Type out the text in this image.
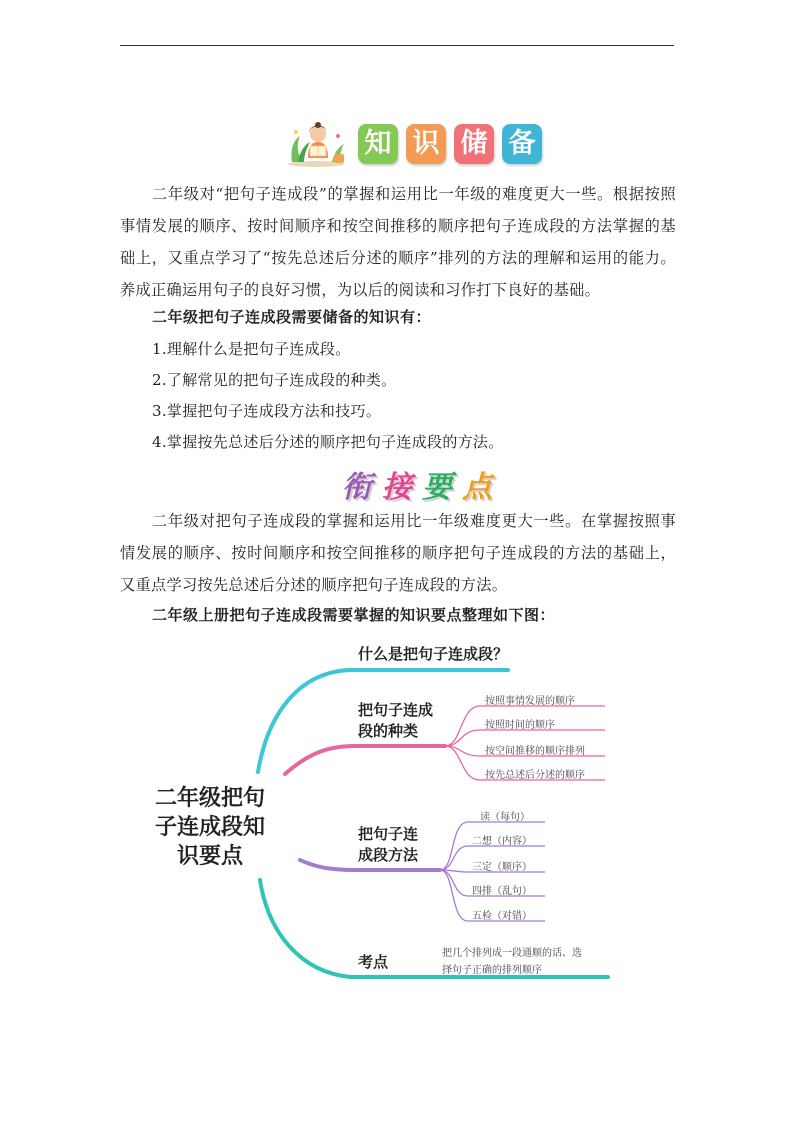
知 识 储 备

二年级对“把句子连成段”的掌握和运用比一年级的难度更大一些。根据按照事情发展的顺序、按时间顺序和按空间推移的顺序把句子连成段的方法掌握的基础上，又重点学习了“按先总述后分述的顺序”排列的方法的理解和运用的能力。养成正确运用句子的良好习惯，为以后的阅读和习作打下良好的基础。

二年级把句子连成段需要储备的知识有：
1.理解什么是把句子连成段。
2.了解常见的把句子连成段的种类。
3.掌握把句子连成段方法和技巧。
4.掌握按先总述后分述的顺序把句子连成段的方法。
衔 接 要 点

二年级对把句子连成段的掌握和运用比一年级难度更大一些。在掌握按照事情发展的顺序、按时间顺序和按空间推移的顺序把句子连成段的方法的基础上，又重点学习按先总述后分述的顺序把句子连成段的方法。

二年级上册把句子连成段需要掌握的知识要点整理如下图：
二年级把句
子连成段知
识要点
什么是把句子连成段？
把句子连成
段的种类
把句子连
成段方法
考点
按照事情发展的顺序
按照时间的顺序
按空间推移的顺序排列
按先总述后分述的顺序
读（每句）
二想（内容）
三定（顺序）
四排（乱句）
五检（对错）
把几个排列成一段通顺的话、选
择句子正确的排列顺序
